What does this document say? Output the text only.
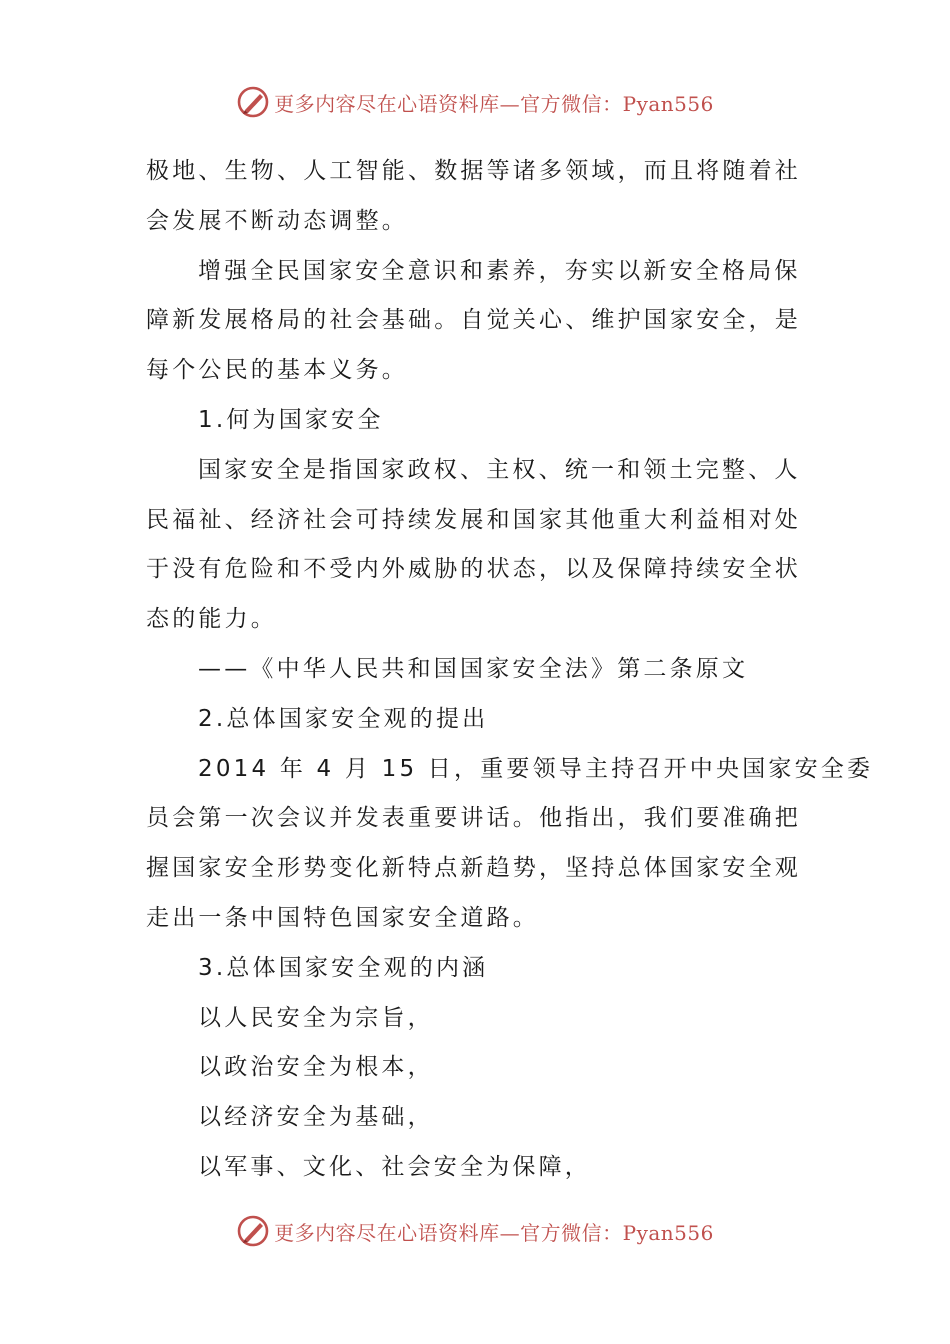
更多内容尽在心语资料库—官方微信：Pyan556
极地、生物、人工智能、数据等诸多领域，而且将随着社
会发展不断动态调整。
增强全民国家安全意识和素养，夯实以新安全格局保
障新发展格局的社会基础。自觉关心、维护国家安全，是
每个公民的基本义务。
1.何为国家安全
国家安全是指国家政权、主权、统一和领土完整、人
民福祉、经济社会可持续发展和国家其他重大利益相对处
于没有危险和不受内外威胁的状态，以及保障持续安全状
态的能力。
——《中华人民共和国国家安全法》第二条原文
2.总体国家安全观的提出
2014 年 4 月 15 日，重要领导主持召开中央国家安全委
员会第一次会议并发表重要讲话。他指出，我们要准确把
握国家安全形势变化新特点新趋势，坚持总体国家安全观
走出一条中国特色国家安全道路。
3.总体国家安全观的内涵
以人民安全为宗旨，
以政治安全为根本，
以经济安全为基础，
以军事、文化、社会安全为保障，
更多内容尽在心语资料库—官方微信：Pyan556
